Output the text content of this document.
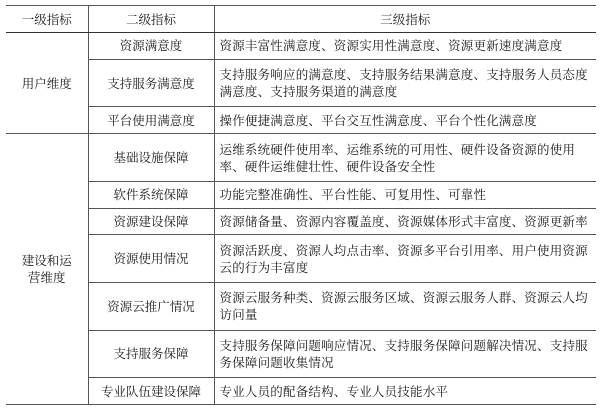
一级指标	二级指标	三级指标
用户维度	资源满意度	资源丰富性满意度、资源实用性满意度、资源更新速度满意度
	支持服务满意度	支持服务响应的满意度、支持服务结果满意度、支持服务人员态度满意度、支持服务渠道的满意度
	平台使用满意度	操作便捷满意度、平台交互性满意度、平台个性化满意度
建设和运营维度	基础设施保障	运维系统硬件使用率、运维系统的可用性、硬件设备资源的使用率、硬件运维健壮性、硬件设备安全性
	软件系统保障	功能完整准确性、平台性能、可复用性、可靠性
	资源建设保障	资源储备量、资源内容覆盖度、资源媒体形式丰富度、资源更新率
	资源使用情况	资源活跃度、资源人均点击率、资源多平台引用率、用户使用资源云的行为丰富度
	资源云推广情况	资源云服务种类、资源云服务区域、资源云服务人群、资源云人均访问量
	支持服务保障	支持服务保障问题响应情况、支持服务保障问题解决情况、支持服务保障问题收集情况
	专业队伍建设保障	专业人员的配备结构、专业人员技能水平
